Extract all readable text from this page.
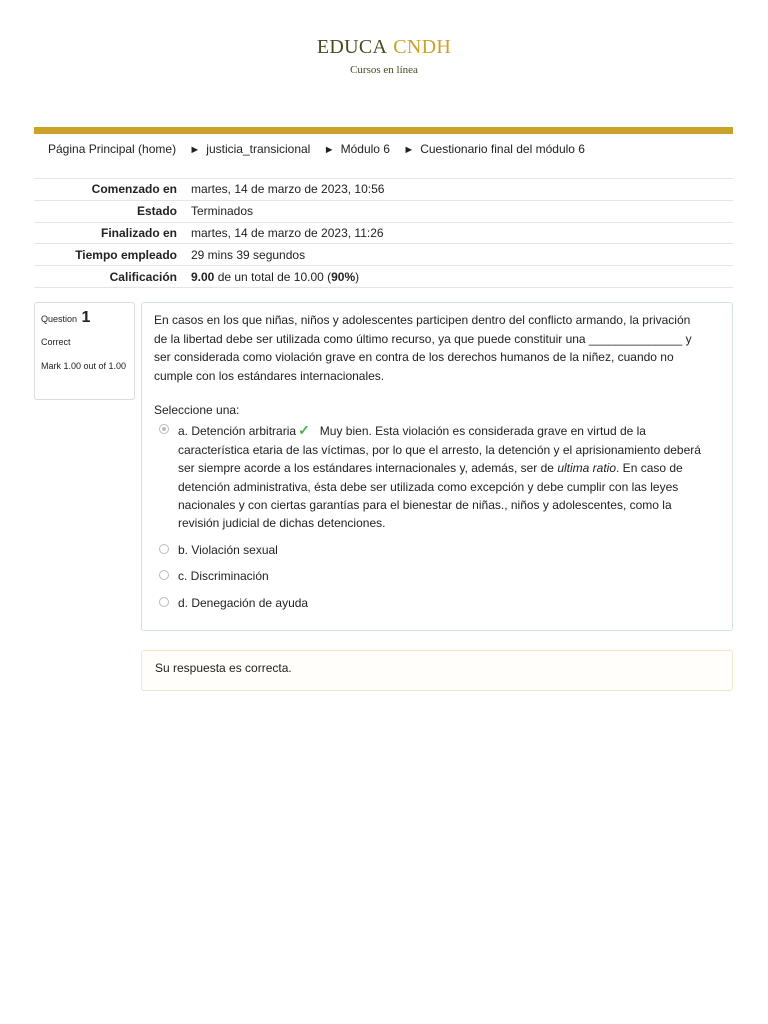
EDUCA CNDH
Cursos en línea
Página Principal (home) ► justicia_transicional ► Módulo 6 ► Cuestionario final del módulo 6
Comenzado en	martes, 14 de marzo de 2023, 10:56
Estado	Terminados
Finalizado en	martes, 14 de marzo de 2023, 11:26
Tiempo empleado	29 mins 39 segundos
Calificación	9.00 de un total de 10.00 (90%)
Question 1
Correct
Mark 1.00 out of 1.00
En casos en los que niñas, niños y adolescentes participen dentro del conflicto armando, la privación de la libertad debe ser utilizada como último recurso, ya que puede constituir una ______________ y ser considerada como violación grave en contra de los derechos humanos de la niñez, cuando no cumple con los estándares internacionales.
Seleccione una:
a. Detención arbitraria ✓ Muy bien. Esta violación es considerada grave en virtud de la característica etaria de las víctimas, por lo que el arresto, la detención y el aprisionamiento deberá ser siempre acorde a los estándares internacionales y, además, ser de ultima ratio. En caso de detención administrativa, ésta debe ser utilizada como excepción y debe cumplir con las leyes nacionales y con ciertas garantías para el bienestar de niñas., niños y adolescentes, como la revisión judicial de dichas detenciones.
b. Violación sexual
c. Discriminación
d. Denegación de ayuda
Su respuesta es correcta.
